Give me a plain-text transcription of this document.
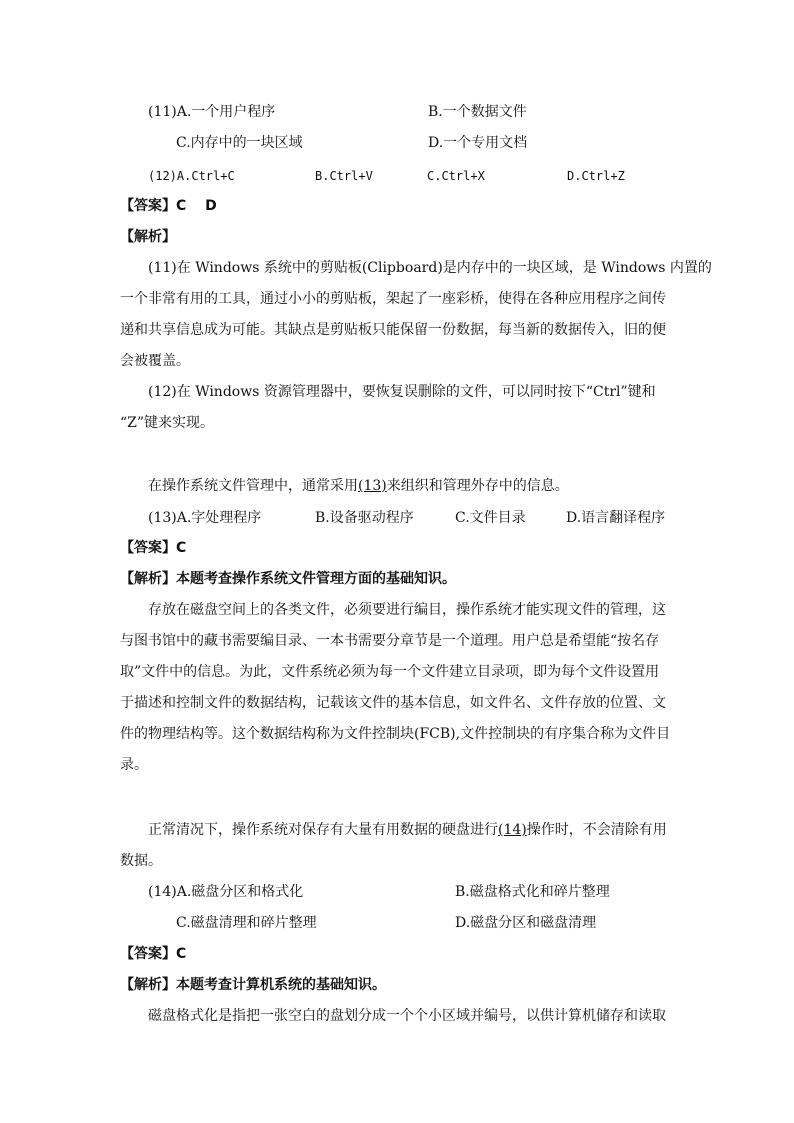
(11)A.一个用户程序	B.一个数据文件
C.内存中的一块区域	D.一个专用文档
(12)A.Ctrl+C	B.Ctrl+V	C.Ctrl+X	D.Ctrl+Z
【答案】C　 D
【解析】
(11)在 Windows 系统中的剪贴板(Clipboard)是内存中的一块区域，是 Windows 内置的
一个非常有用的工具，通过小小的剪贴板，架起了一座彩桥，使得在各种应用程序之间传
递和共享信息成为可能。其缺点是剪贴板只能保留一份数据，每当新的数据传入，旧的便
会被覆盖。
(12)在 Windows 资源管理器中，要恢复误删除的文件，可以同时按下“Ctrl”键和
“Z”键来实现。
在操作系统文件管理中，通常采用(13)来组织和管理外存中的信息。
(13)A.字处理程序	B.设备驱动程序	C.文件目录	D.语言翻译程序
【答案】C
【解析】本题考查操作系统文件管理方面的基础知识。
存放在磁盘空间上的各类文件，必须要进行编目，操作系统才能实现文件的管理，这
与图书馆中的藏书需要编目录、一本书需要分章节是一个道理。用户总是希望能“按名存
取”文件中的信息。为此，文件系统必须为每一个文件建立目录项，即为每个文件设置用
于描述和控制文件的数据结构，记载该文件的基本信息，如文件名、文件存放的位置、文
件的物理结构等。这个数据结构称为文件控制块(FCB),文件控制块的有序集合称为文件目
录。
正常清况下，操作系统对保存有大量有用数据的硬盘进行(14)操作时，不会清除有用
数据。
(14)A.磁盘分区和格式化	B.磁盘格式化和碎片整理
C.磁盘清理和碎片整理	D.磁盘分区和磁盘清理
【答案】C
【解析】本题考查计算机系统的基础知识。
磁盘格式化是指把一张空白的盘划分成一个个小区域并编号，以供计算机储存和读取
